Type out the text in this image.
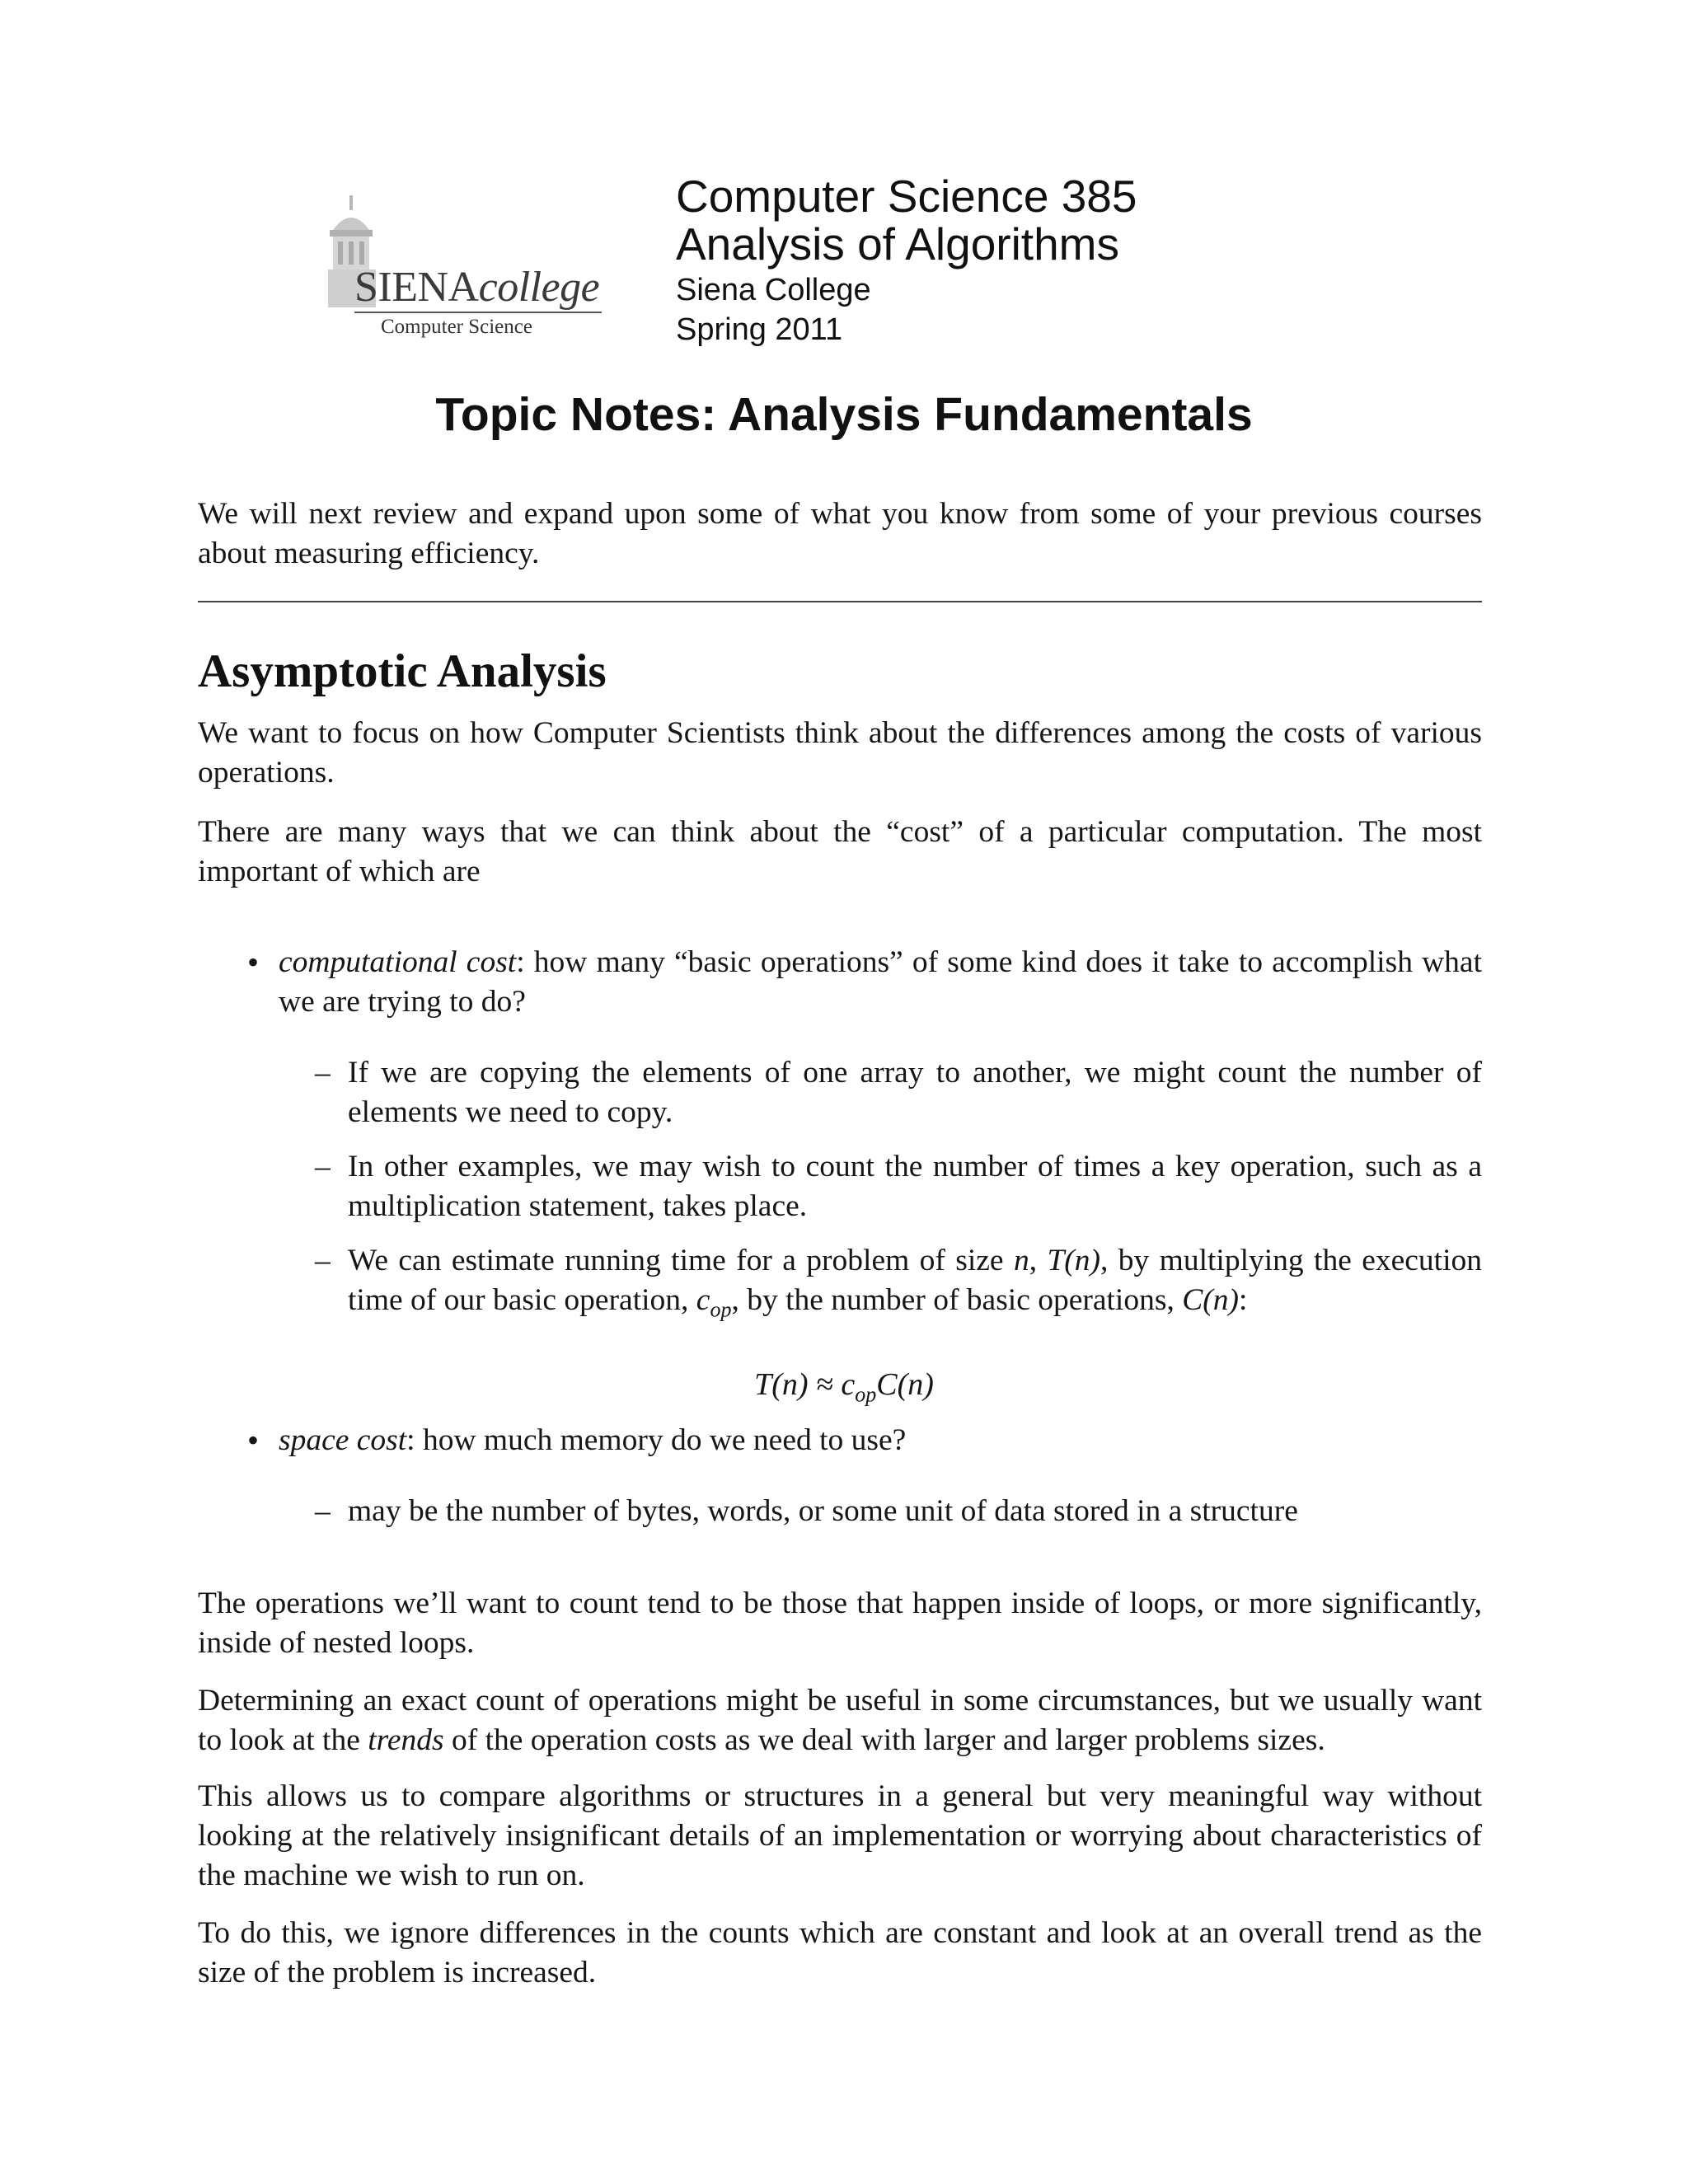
SIENAcollege
Computer Science
Computer Science 385
Analysis of Algorithms
Siena College
Spring 2011
Topic Notes: Analysis Fundamentals
We will next review and expand upon some of what you know from some of your previous courses about measuring efficiency.
Asymptotic Analysis
We want to focus on how Computer Scientists think about the differences among the costs of various operations.
There are many ways that we can think about the “cost” of a particular computation. The most important of which are
• computational cost: how many “basic operations” of some kind does it take to accomplish what we are trying to do?
– If we are copying the elements of one array to another, we might count the number of elements we need to copy.
– In other examples, we may wish to count the number of times a key operation, such as a multiplication statement, takes place.
– We can estimate running time for a problem of size n, T(n), by multiplying the execution time of our basic operation, $c_{op}$, by the number of basic operations, C(n):
$T(n) \approx c_{op}C(n)$
• space cost: how much memory do we need to use?
– may be the number of bytes, words, or some unit of data stored in a structure
The operations we’ll want to count tend to be those that happen inside of loops, or more significantly, inside of nested loops.
Determining an exact count of operations might be useful in some circumstances, but we usually want to look at the trends of the operation costs as we deal with larger and larger problems sizes.
This allows us to compare algorithms or structures in a general but very meaningful way without looking at the relatively insignificant details of an implementation or worrying about characteristics of the machine we wish to run on.
To do this, we ignore differences in the counts which are constant and look at an overall trend as the size of the problem is increased.
